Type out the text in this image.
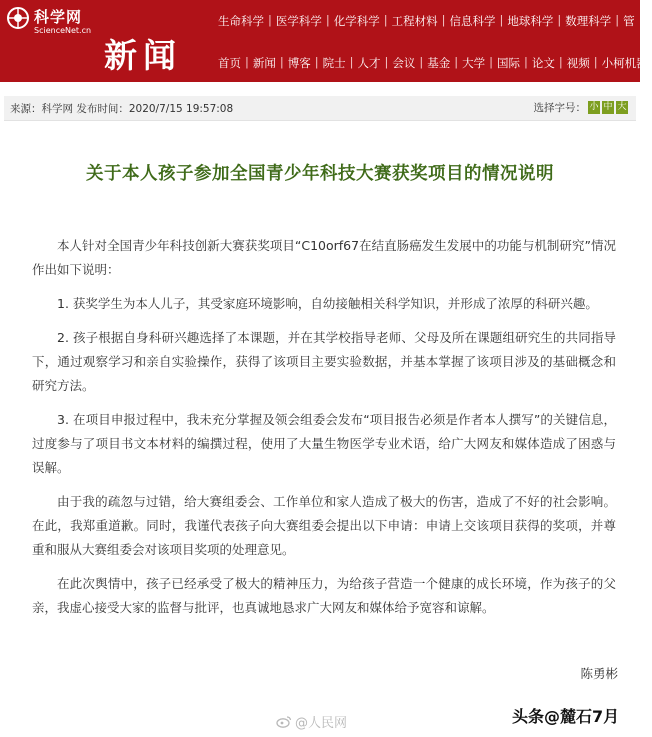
科学网
ScienceNet.cn
新闻
生命科学 | 医学科学 | 化学科学 | 工程材料 | 信息科学 | 地球科学 | 数理科学 | 管
首页 | 新闻 | 博客 | 院士 | 人才 | 会议 | 基金 | 大学 | 国际 | 论文 | 视频 | 小柯机器
来源：科学网 发布时间：2020/7/15 19:57:08	选择字号： 小 中 大
关于本人孩子参加全国青少年科技大赛获奖项目的情况说明

本人针对全国青少年科技创新大赛获奖项目“C10orf67在结直肠癌发生发展中的功能与机制研究”情况作出如下说明：

1. 获奖学生为本人儿子，其受家庭环境影响，自幼接触相关科学知识，并形成了浓厚的科研兴趣。

2. 孩子根据自身科研兴趣选择了本课题，并在其学校指导老师、父母及所在课题组研究生的共同指导下，通过观察学习和亲自实验操作，获得了该项目主要实验数据，并基本掌握了该项目涉及的基础概念和研究方法。

3. 在项目申报过程中，我未充分掌握及领会组委会发布“项目报告必须是作者本人撰写”的关键信息，过度参与了项目书文本材料的编撰过程，使用了大量生物医学专业术语，给广大网友和媒体造成了困惑与误解。

由于我的疏忽与过错，给大赛组委会、工作单位和家人造成了极大的伤害，造成了不好的社会影响。在此，我郑重道歉。同时，我谨代表孩子向大赛组委会提出以下申请：申请上交该项目获得的奖项，并尊重和服从大赛组委会对该项目奖项的处理意见。

在此次舆情中，孩子已经承受了极大的精神压力，为给孩子营造一个健康的成长环境，作为孩子的父亲，我虚心接受大家的监督与批评，也真诚地恳求广大网友和媒体给予宽容和谅解。

陈勇彬
@人民网	头条@麓石7月
